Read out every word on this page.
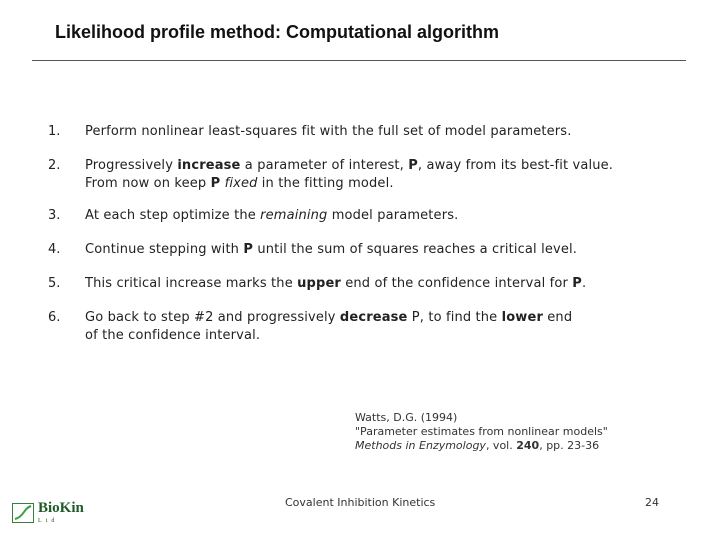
Likelihood profile method: Computational algorithm
1. Perform nonlinear least-squares fit with the full set of model parameters.
2. Progressively increase a parameter of interest, P, away from its best-fit value.
From now on keep P fixed in the fitting model.
3. At each step optimize the remaining model parameters.
4. Continue stepping with P until the sum of squares reaches a critical level.
5. This critical increase marks the upper end of the confidence interval for P.
6. Go back to step #2 and progressively decrease P, to find the lower end
of the confidence interval.
Watts, D.G. (1994)
"Parameter estimates from nonlinear models"
Methods in Enzymology, vol. 240, pp. 23-36
BioKin
Ltd
Covalent Inhibition Kinetics	24
